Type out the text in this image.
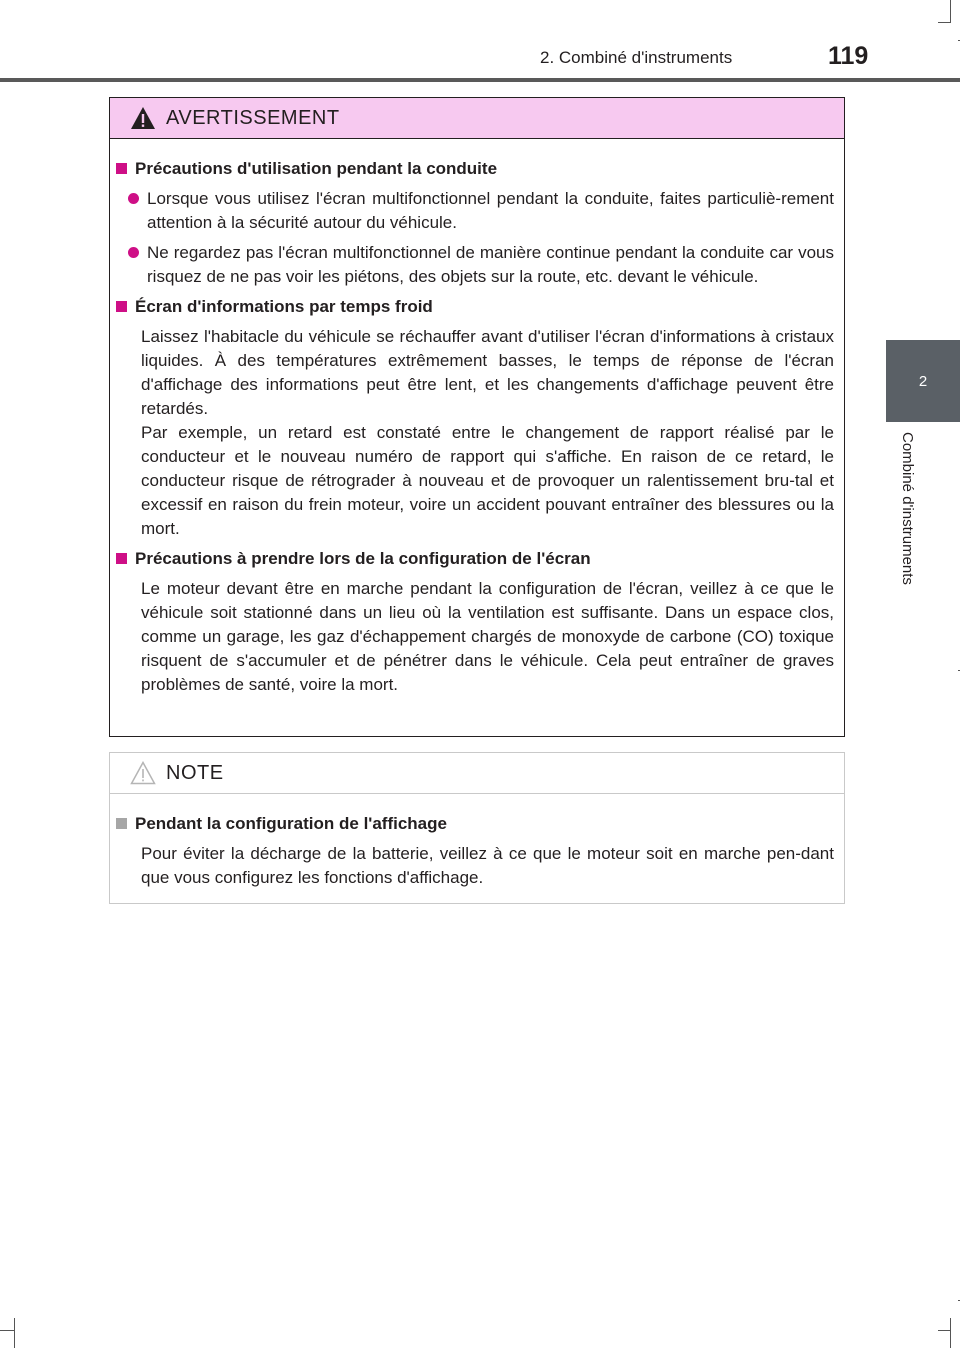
2. Combiné d'instruments	119
2
Combiné d'instruments
AVERTISSEMENT
Précautions d'utilisation pendant la conduite
Lorsque vous utilisez l'écran multifonctionnel pendant la conduite, faites particuliè-rement attention à la sécurité autour du véhicule.
Ne regardez pas l'écran multifonctionnel de manière continue pendant la conduite car vous risquez de ne pas voir les piétons, des objets sur la route, etc. devant le véhicule.
Écran d'informations par temps froid
Laissez l'habitacle du véhicule se réchauffer avant d'utiliser l'écran d'informations à cristaux liquides. À des températures extrêmement basses, le temps de réponse de l'écran d'affichage des informations peut être lent, et les changements d'affichage peuvent être retardés.
Par exemple, un retard est constaté entre le changement de rapport réalisé par le conducteur et le nouveau numéro de rapport qui s'affiche. En raison de ce retard, le conducteur risque de rétrograder à nouveau et de provoquer un ralentissement bru-tal et excessif en raison du frein moteur, voire un accident pouvant entraîner des blessures ou la mort.
Précautions à prendre lors de la configuration de l'écran
Le moteur devant être en marche pendant la configuration de l'écran, veillez à ce que le véhicule soit stationné dans un lieu où la ventilation est suffisante. Dans un espace clos, comme un garage, les gaz d'échappement chargés de monoxyde de carbone (CO) toxique risquent de s'accumuler et de pénétrer dans le véhicule. Cela peut entraîner de graves problèmes de santé, voire la mort.
NOTE
Pendant la configuration de l'affichage
Pour éviter la décharge de la batterie, veillez à ce que le moteur soit en marche pen-dant que vous configurez les fonctions d'affichage.
